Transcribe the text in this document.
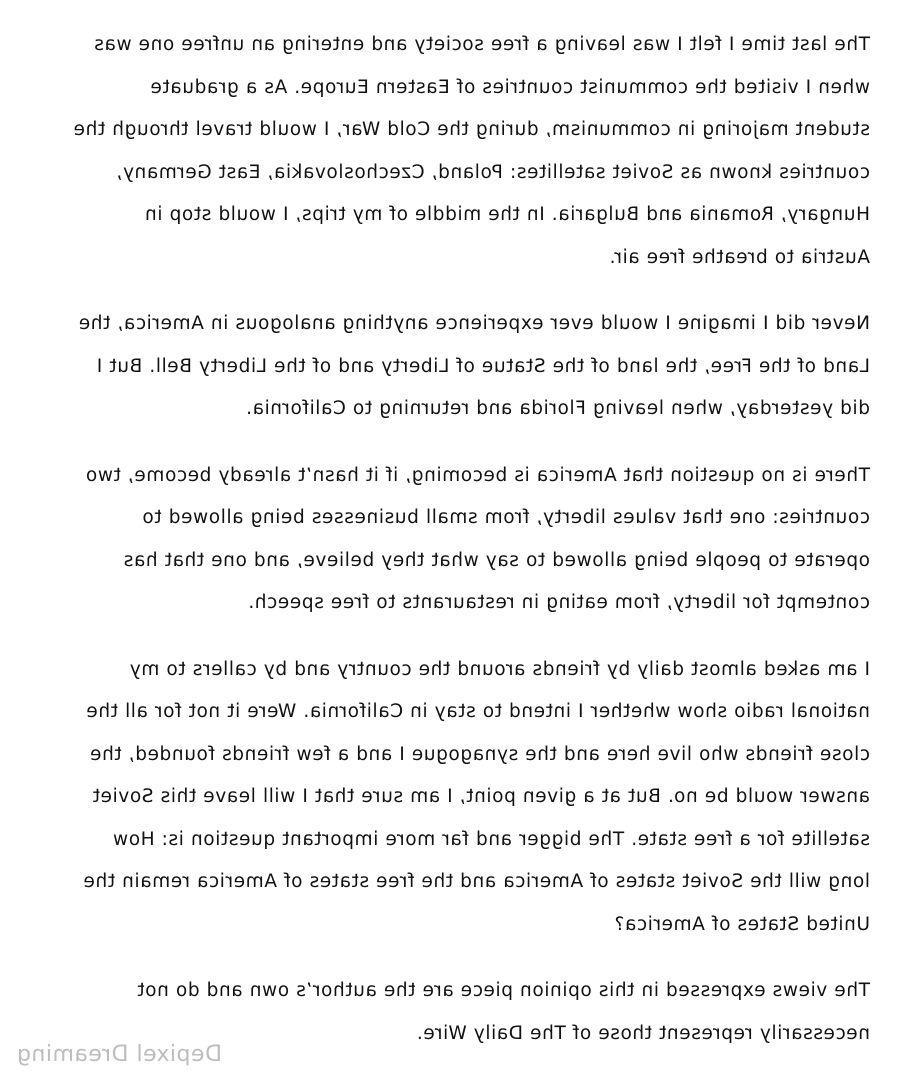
The last time I felt I was leaving a free society and entering an unfree one was when I visited the communist countries of Eastern Europe. As a graduate student majoring in communism, during the Cold War, I would travel through the countries known as Soviet satellites: Poland, Czechoslovakia, East Germany, Hungary, Romania and Bulgaria. In the middle of my trips, I would stop in Austria to breathe free air.

Never did I imagine I would ever experience anything analogous in America, the Land of the Free, the land of the Statue of Liberty and of the Liberty Bell. But I did yesterday, when leaving Florida and returning to California.

There is no question that America is becoming, if it hasn’t already become, two countries: one that values liberty, from small businesses being allowed to operate to people being allowed to say what they believe, and one that has contempt for liberty, from eating in restaurants to free speech.

I am asked almost daily by friends around the country and by callers to my national radio show whether I intend to stay in California. Were it not for all the close friends who live here and the synagogue I and a few friends founded, the answer would be no. But at a given point, I am sure that I will leave this Soviet satellite for a free state. The bigger and far more important question is: How long will the Soviet states of America and the free states of America remain the United States of America?

The views expressed in this opinion piece are the author’s own and do not necessarily represent those of The Daily Wire.

Depixel Dreaming
